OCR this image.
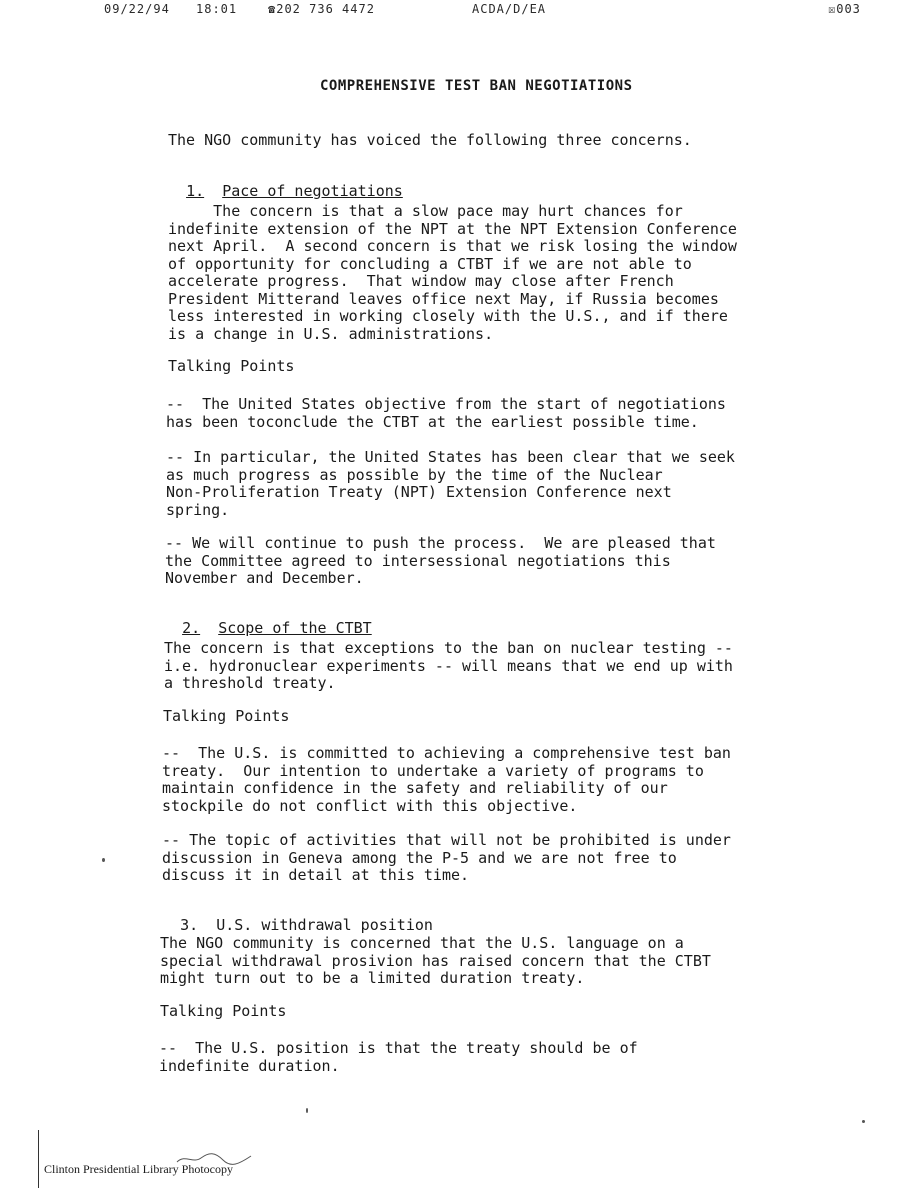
09/22/94 18:01	☎202 736 4472	ACDA/D/EA	☒003
COMPREHENSIVE TEST BAN NEGOTIATIONS
The NGO community has voiced the following three concerns.

1. Pace of negotiations

The concern is that a slow pace may hurt chances for

indefinite extension of the NPT at the NPT Extension Conference

next April.  A second concern is that we risk losing the window

of opportunity for concluding a CTBT if we are not able to

accelerate progress.  That window may close after French

President Mitterand leaves office next May, if Russia becomes

less interested in working closely with the U.S., and if there

is a change in U.S. administrations.

Talking Points

--  The United States objective from the start of negotiations

has been toconclude the CTBT at the earliest possible time.

-- In particular, the United States has been clear that we seek

as much progress as possible by the time of the Nuclear

Non-Proliferation Treaty (NPT) Extension Conference next

spring.

-- We will continue to push the process.  We are pleased that

the Committee agreed to intersessional negotiations this

November and December.

2. Scope of the CTBT

The concern is that exceptions to the ban on nuclear testing --

i.e. hydronuclear experiments -- will means that we end up with

a threshold treaty.

Talking Points

--  The U.S. is committed to achieving a comprehensive test ban

treaty.  Our intention to undertake a variety of programs to

maintain confidence in the safety and reliability of our

stockpile do not conflict with this objective.

-- The topic of activities that will not be prohibited is under

discussion in Geneva among the P-5 and we are not free to

discuss it in detail at this time.

3. U.S. withdrawal position

The NGO community is concerned that the U.S. language on a

special withdrawal prosivion has raised concern that the CTBT

might turn out to be a limited duration treaty.

Talking Points

--  The U.S. position is that the treaty should be of

indefinite duration.

Clinton Presidential Library Photocopy
